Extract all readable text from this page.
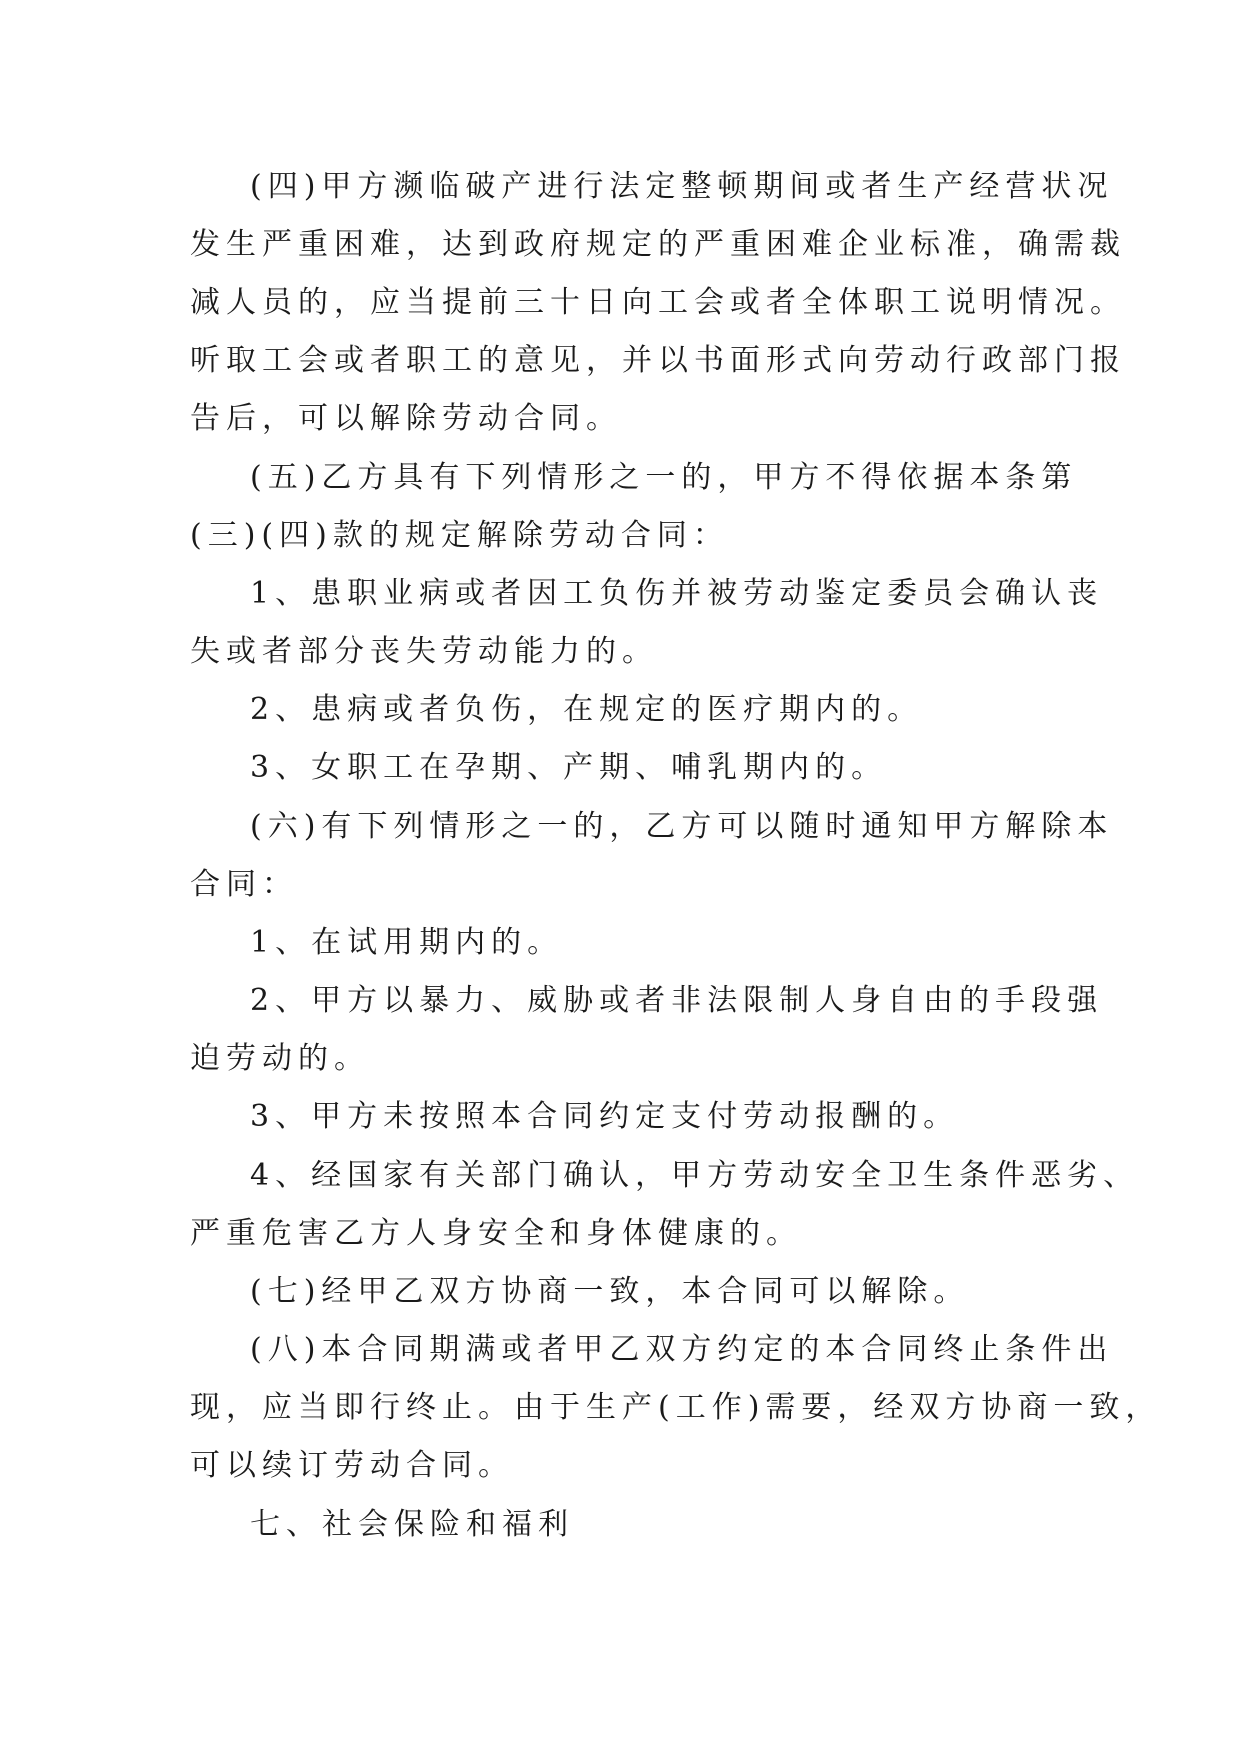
(四)甲方濒临破产进行法定整顿期间或者生产经营状况
发生严重困难，达到政府规定的严重困难企业标准，确需裁
减人员的，应当提前三十日向工会或者全体职工说明情况。
听取工会或者职工的意见，并以书面形式向劳动行政部门报
告后，可以解除劳动合同。
(五)乙方具有下列情形之一的，甲方不得依据本条第
(三)(四)款的规定解除劳动合同：
1、患职业病或者因工负伤并被劳动鉴定委员会确认丧
失或者部分丧失劳动能力的。
2、患病或者负伤，在规定的医疗期内的。
3、女职工在孕期、产期、哺乳期内的。
(六)有下列情形之一的，乙方可以随时通知甲方解除本
合同：
1、在试用期内的。
2、甲方以暴力、威胁或者非法限制人身自由的手段强
迫劳动的。
3、甲方未按照本合同约定支付劳动报酬的。
4、经国家有关部门确认，甲方劳动安全卫生条件恶劣、
严重危害乙方人身安全和身体健康的。
(七)经甲乙双方协商一致，本合同可以解除。
(八)本合同期满或者甲乙双方约定的本合同终止条件出
现，应当即行终止。由于生产(工作)需要，经双方协商一致，
可以续订劳动合同。
七、社会保险和福利
